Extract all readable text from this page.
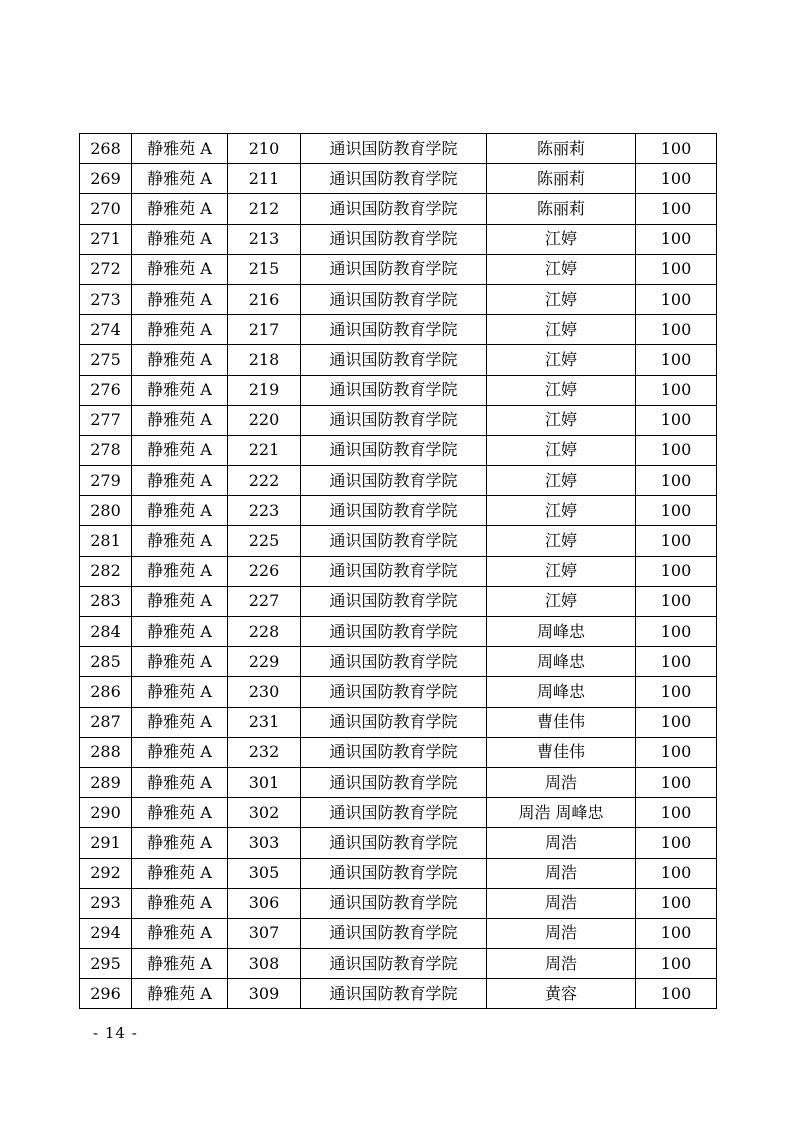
268	静雅苑 A	210	通识国防教育学院	陈丽莉	100
269	静雅苑 A	211	通识国防教育学院	陈丽莉	100
270	静雅苑 A	212	通识国防教育学院	陈丽莉	100
271	静雅苑 A	213	通识国防教育学院	江婷	100
272	静雅苑 A	215	通识国防教育学院	江婷	100
273	静雅苑 A	216	通识国防教育学院	江婷	100
274	静雅苑 A	217	通识国防教育学院	江婷	100
275	静雅苑 A	218	通识国防教育学院	江婷	100
276	静雅苑 A	219	通识国防教育学院	江婷	100
277	静雅苑 A	220	通识国防教育学院	江婷	100
278	静雅苑 A	221	通识国防教育学院	江婷	100
279	静雅苑 A	222	通识国防教育学院	江婷	100
280	静雅苑 A	223	通识国防教育学院	江婷	100
281	静雅苑 A	225	通识国防教育学院	江婷	100
282	静雅苑 A	226	通识国防教育学院	江婷	100
283	静雅苑 A	227	通识国防教育学院	江婷	100
284	静雅苑 A	228	通识国防教育学院	周峰忠	100
285	静雅苑 A	229	通识国防教育学院	周峰忠	100
286	静雅苑 A	230	通识国防教育学院	周峰忠	100
287	静雅苑 A	231	通识国防教育学院	曹佳伟	100
288	静雅苑 A	232	通识国防教育学院	曹佳伟	100
289	静雅苑 A	301	通识国防教育学院	周浩	100
290	静雅苑 A	302	通识国防教育学院	周浩 周峰忠	100
291	静雅苑 A	303	通识国防教育学院	周浩	100
292	静雅苑 A	305	通识国防教育学院	周浩	100
293	静雅苑 A	306	通识国防教育学院	周浩	100
294	静雅苑 A	307	通识国防教育学院	周浩	100
295	静雅苑 A	308	通识国防教育学院	周浩	100
296	静雅苑 A	309	通识国防教育学院	黄容	100
- 14 -
